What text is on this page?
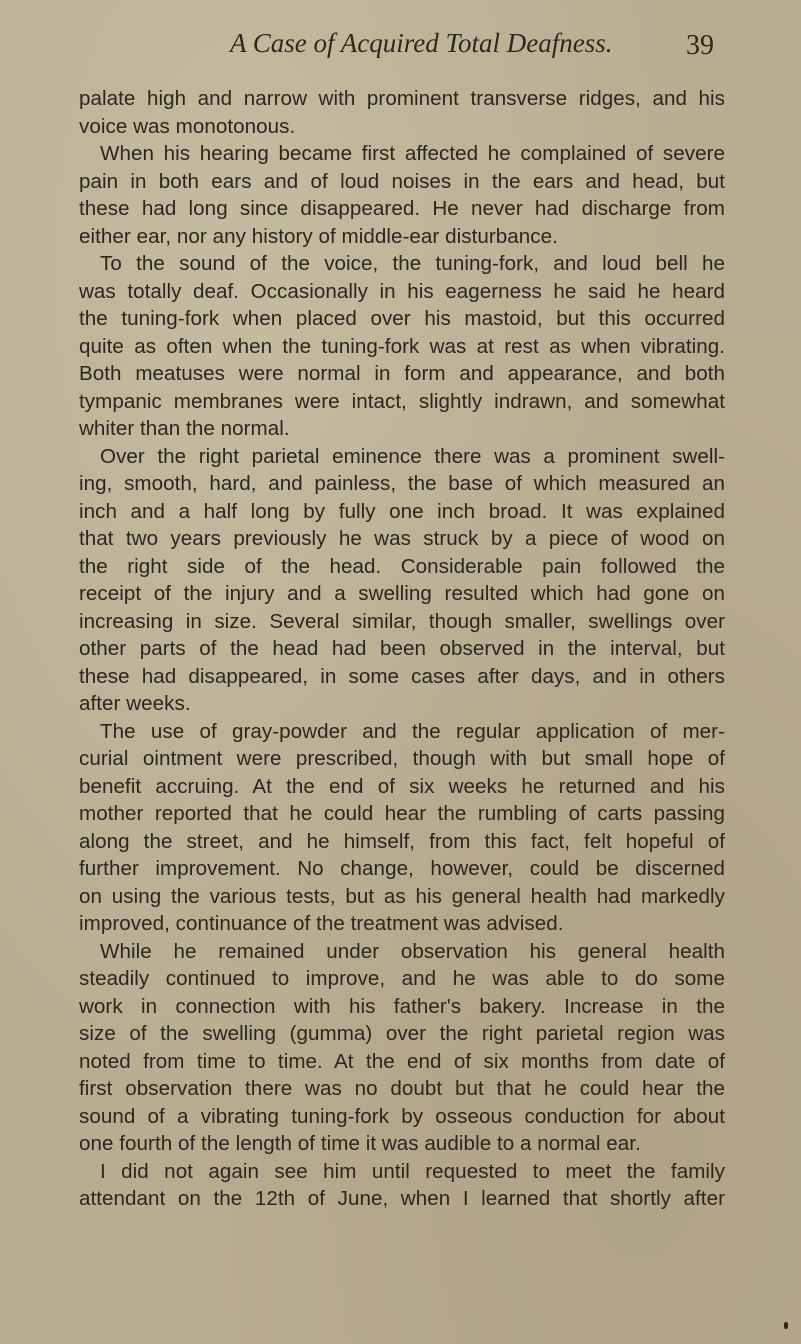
A Case of Acquired Total Deafness.	39
palate high and narrow with prominent transverse ridges, and his
voice was monotonous.
When his hearing became first affected he complained of severe
pain in both ears and of loud noises in the ears and head, but
these had long since disappeared. He never had discharge from
either ear, nor any history of middle-ear disturbance.
To the sound of the voice, the tuning-fork, and loud bell he
was totally deaf. Occasionally in his eagerness he said he heard
the tuning-fork when placed over his mastoid, but this occurred
quite as often when the tuning-fork was at rest as when vibrating.
Both meatuses were normal in form and appearance, and both
tympanic membranes were intact, slightly indrawn, and somewhat
whiter than the normal.
Over the right parietal eminence there was a prominent swell-
ing, smooth, hard, and painless, the base of which measured an
inch and a half long by fully one inch broad. It was explained
that two years previously he was struck by a piece of wood on
the right side of the head. Considerable pain followed the
receipt of the injury and a swelling resulted which had gone on
increasing in size. Several similar, though smaller, swellings over
other parts of the head had been observed in the interval, but
these had disappeared, in some cases after days, and in others
after weeks.
The use of gray-powder and the regular application of mer-
curial ointment were prescribed, though with but small hope of
benefit accruing. At the end of six weeks he returned and his
mother reported that he could hear the rumbling of carts passing
along the street, and he himself, from this fact, felt hopeful of
further improvement. No change, however, could be discerned
on using the various tests, but as his general health had markedly
improved, continuance of the treatment was advised.
While he remained under observation his general health
steadily continued to improve, and he was able to do some
work in connection with his father's bakery. Increase in the
size of the swelling (gumma) over the right parietal region was
noted from time to time. At the end of six months from date of
first observation there was no doubt but that he could hear the
sound of a vibrating tuning-fork by osseous conduction for about
one fourth of the length of time it was audible to a normal ear.
I did not again see him until requested to meet the family
attendant on the 12th of June, when I learned that shortly after
